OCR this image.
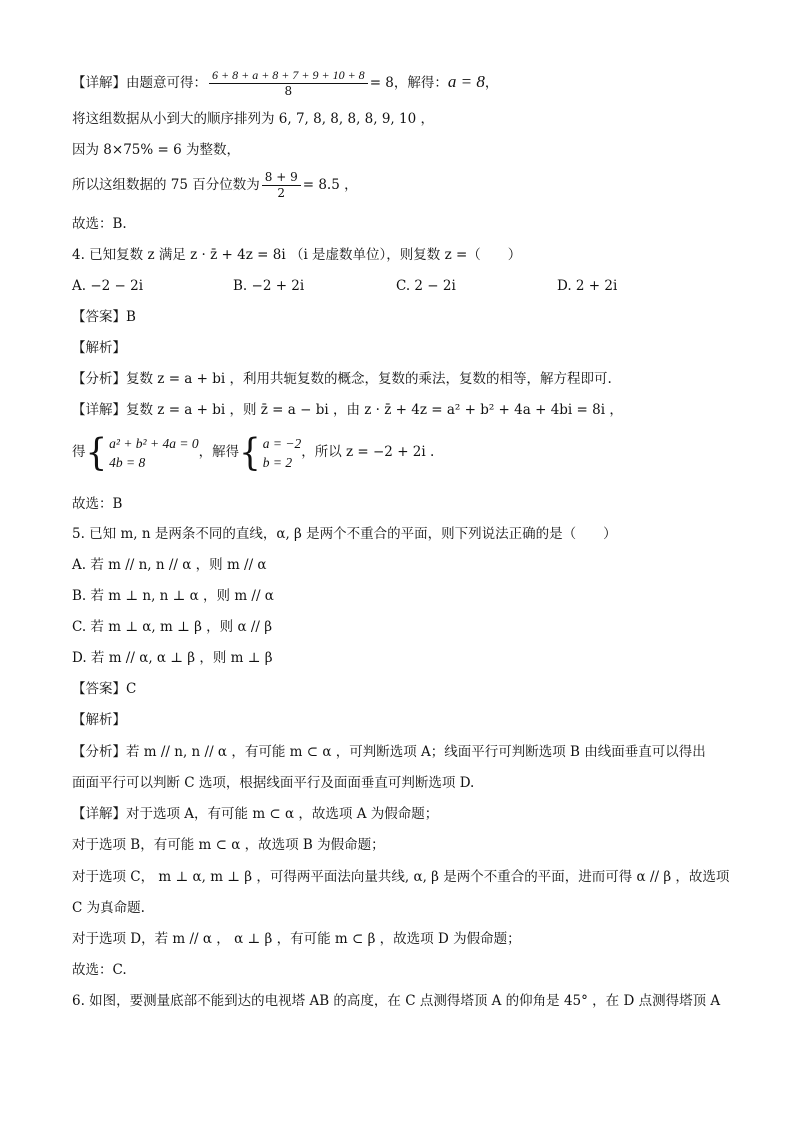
【详解】由题意可得： $\frac{6 + 8 + a + 8 + 7 + 9 + 10 + 8}{8} = 8$，解得：a = 8，
将这组数据从小到大的顺序排列为 6, 7, 8, 8, 8, 8, 9, 10 ，
因为 8×75% = 6 为整数，
所以这组数据的 75 百分位数为 $\frac{8 + 9}{2} = 8.5$ ，
故选：B.
4. 已知复数 z 满足 z · z̄ + 4z = 8i （i 是虚数单位），则复数 z =（　　）
A. −2 − 2i	B. −2 + 2i	C. 2 − 2i	D. 2 + 2i
【答案】B
【解析】
【分析】复数 z = a + bi ，利用共轭复数的概念，复数的乘法，复数的相等，解方程即可.
【详解】复数 z = a + bi ，则 z̄ = a − bi ，由 z · z̄ + 4z = a² + b² + 4a + 4bi = 8i ，
得{ a² + b² + 4a = 0
4b = 8
，解得{ a = −2
b = 2
，所以 z = −2 + 2i .
故选：B
5. 已知 m, n 是两条不同的直线，α, β 是两个不重合的平面，则下列说法正确的是（　　）
A. 若 m // n, n // α ，则 m // α
B. 若 m ⊥ n, n ⊥ α ，则 m // α
C. 若 m ⊥ α, m ⊥ β ，则 α // β
D. 若 m // α, α ⊥ β ，则 m ⊥ β
【答案】C
【解析】
【分析】若 m // n, n // α ，有可能 m ⊂ α ，可判断选项 A；线面平行可判断选项 B 由线面垂直可以得出
面面平行可以判断 C 选项，根据线面平行及面面垂直可判断选项 D.
【详解】对于选项 A，有可能 m ⊂ α ，故选项 A 为假命题；
对于选项 B，有可能 m ⊂ α ，故选项 B 为假命题；
对于选项 C， m ⊥ α, m ⊥ β ，可得两平面法向量共线, α, β 是两个不重合的平面，进而可得 α // β ，故选项
C 为真命题.
对于选项 D，若 m // α ， α ⊥ β ，有可能 m ⊂ β ，故选项 D 为假命题；
故选：C.
6. 如图，要测量底部不能到达的电视塔 AB 的高度，在 C 点测得塔顶 A 的仰角是 45° ，在 D 点测得塔顶 A
